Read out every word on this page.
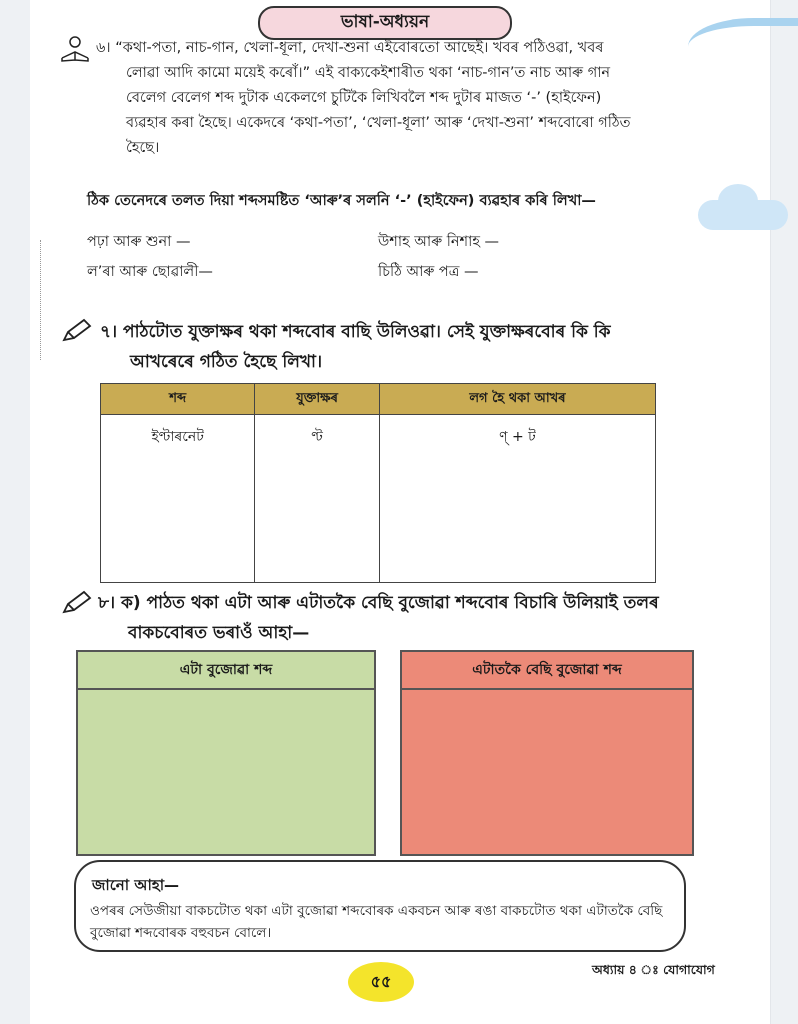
ভাষা-অধ্যয়ন

৬। “কথা-পতা, নাচ-গান, খেলা-ধূলা, দেখা-শুনা এইবোৰতো আছেই। খবৰ পঠিওৱা, খবৰ

লোৱা আদি কামো ময়েই কৰোঁ।” এই বাক্যকেইশাৰীত থকা ‘নাচ-গান’ত নাচ আৰু গান

বেলেগ বেলেগ শব্দ দুটাক একেলগে চুটিকৈ লিখিবলৈ শব্দ দুটাৰ মাজত ‘-’ (হাইফেন)

ব্যৱহাৰ কৰা হৈছে। একেদৰে ‘কথা-পতা’, ‘খেলা-ধূলা’ আৰু ‘দেখা-শুনা’ শব্দবোৰো গঠিত

হৈছে।

ঠিক তেনেদৰে তলত দিয়া শব্দসমষ্টিত ‘আৰু’ৰ সলনি ‘-’ (হাইফেন) ব্যৱহাৰ কৰি লিখা—
পঢ়া আৰু শুনা —	উশাহ আৰু নিশাহ —
ল’ৰা আৰু ছোৱালী—	চিঠি আৰু পত্ৰ —
৭। পাঠটোত যুক্তাক্ষৰ থকা শব্দবোৰ বাছি উলিওৱা। সেই যুক্তাক্ষৰবোৰ কি কি
আখৰেৰে গঠিত হৈছে লিখা।
শব্দ	যুক্তাক্ষৰ	লগ হৈ থকা আখৰ
ইণ্টাৰনেট	ণ্ট	ণ্ + ট
৮। ক) পাঠত থকা এটা আৰু এটাতকৈ বেছি বুজোৱা শব্দবোৰ বিচাৰি উলিয়াই তলৰ
বাকচবোৰত ভৰাওঁ আহা—
এটা বুজোৱা শব্দ	এটাতকৈ বেছি বুজোৱা শব্দ
জানো আহা—
ওপৰৰ সেউজীয়া বাকচটোত থকা এটা বুজোৱা শব্দবোৰক একবচন আৰু ৰঙা বাকচটোত থকা এটাতকৈ বেছি বুজোৱা শব্দবোৰক বহুবচন বোলে।
৫৫
অধ্যায় ৪ ঃ যোগাযোগ
